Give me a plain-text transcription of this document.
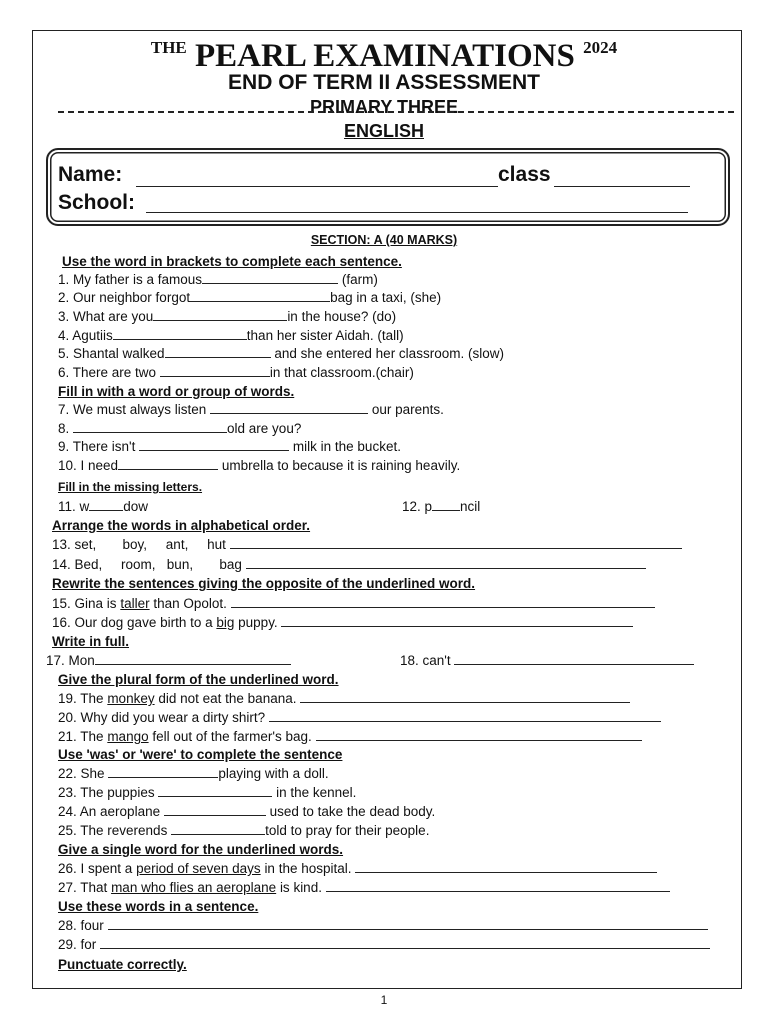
$^{THE}$ PEARL EXAMINATIONS $^{2024}$
END OF TERM II ASSESSMENT
PRIMARY THREE
ENGLISH
Name:	class
School:
SECTION: A (40 MARKS)
Use the word in brackets to complete each sentence.
1. My father is a famous	(farm)
2. Our neighbor forgot	bag in a taxi, (she)
3. What are you	in the house? (do)
4. Agutiis	than her sister Aidah. (tall)
5. Shantal walked	and she entered her classroom. (slow)
6. There are two	in that classroom.(chair)
Fill in with a word or group of words.
7. We must always listen	our parents.
8.	old are you?
9. There isn't	milk in the bucket.
10. I need	umbrella to because it is raining heavily.
Fill in the missing letters.
11. w	dow	12. p ncil
Arrange the words in alphabetical order.
13. set,       boy,     ant,     hut
14. Bed,     room,   bun,       bag
Rewrite the sentences giving the opposite of the underlined word.
15. Gina is taller than Opolot.
16. Our dog gave birth to a big puppy.
Write in full.
17. Mon	18. can't
Give the plural form of the underlined word.
19. The monkey did not eat the banana.
20. Why did you wear a dirty shirt?
21. The mango fell out of the farmer's bag.
Use 'was' or 'were' to complete the sentence
22. She	playing with a doll.
23. The puppies	in the kennel.
24. An aeroplane	used to take the dead body.
25. The reverends	told to pray for their people.
Give a single word for the underlined words.
26. I spent a period of seven days in the hospital.
27. That man who flies an aeroplane is kind.
Use these words in a sentence.
28. four
29. for
Punctuate correctly.
1
